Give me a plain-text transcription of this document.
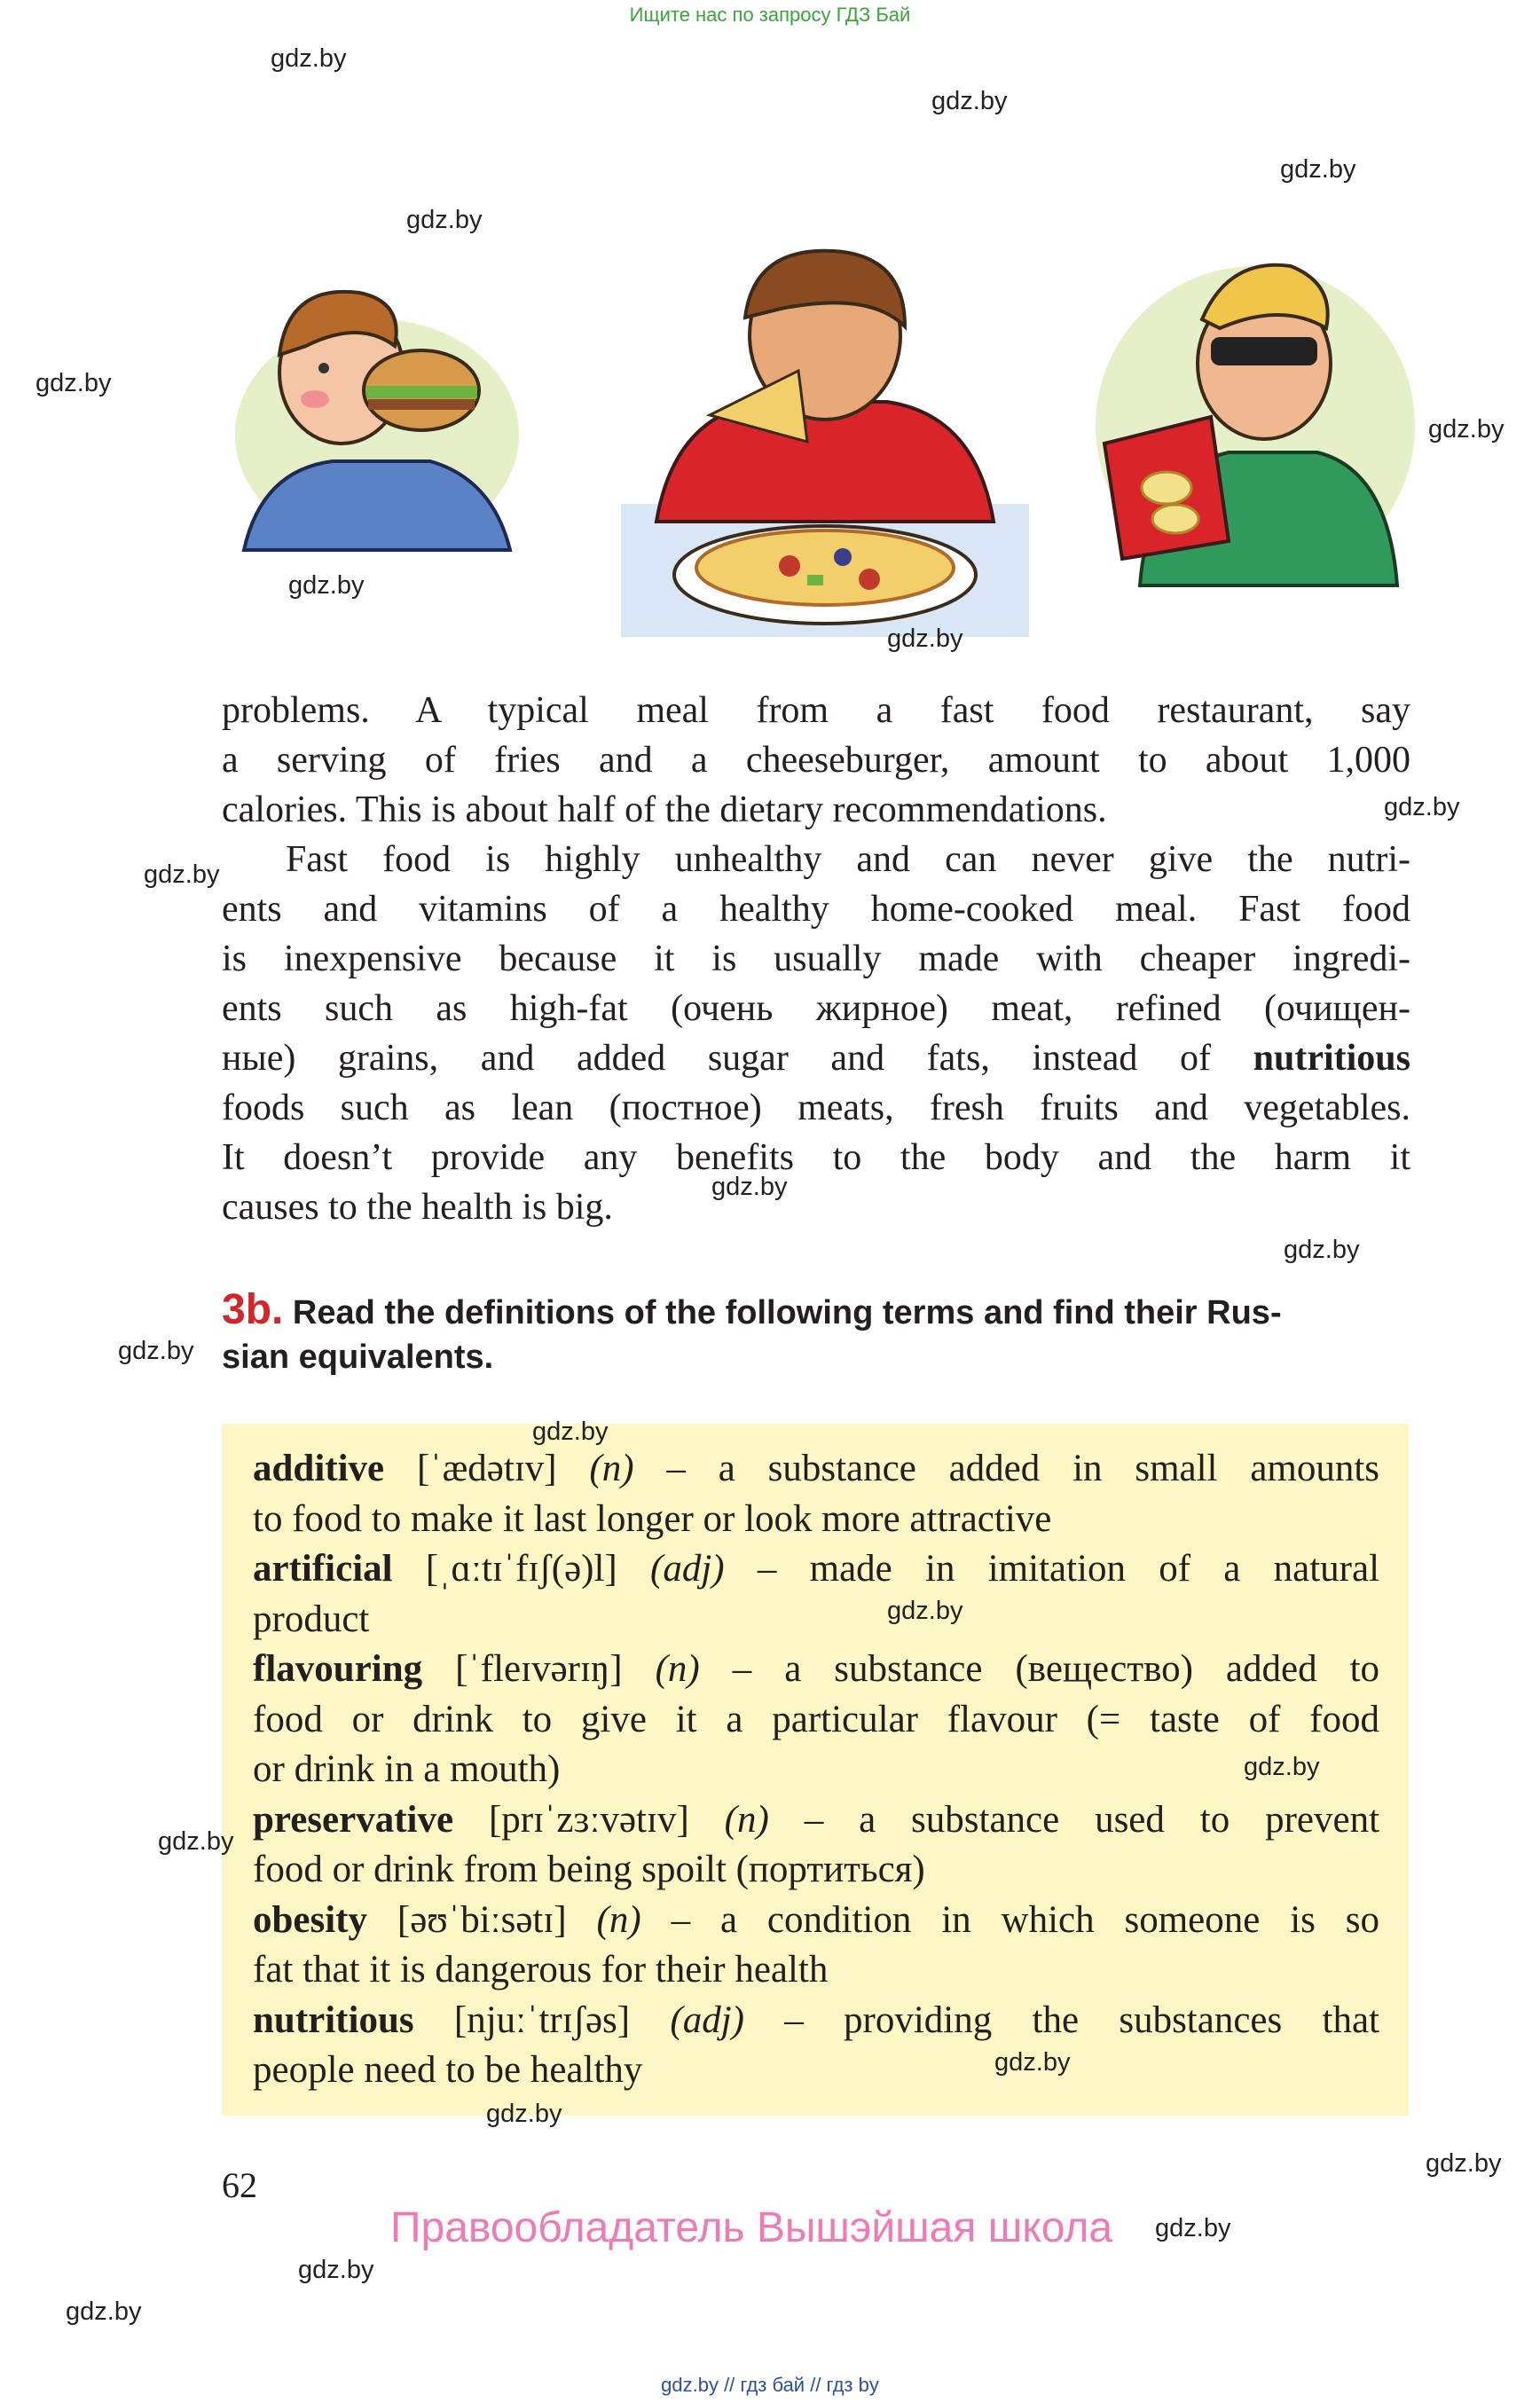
Ищите нас по запросу ГДЗ Бай
problems. A typical meal from a fast food restaurant, say
a serving of fries and a cheeseburger, amount to about 1,000
calories. This is about half of the dietary recommendations.
Fast food is highly unhealthy and can never give the nutri-
ents and vitamins of a healthy home-cooked meal. Fast food
is inexpensive because it is usually made with cheaper ingredi-
ents such as high-fat (очень жирное) meat, refined (очищен-
ные) grains, and added sugar and fats, instead of nutritious
foods such as lean (постное) meats, fresh fruits and vegetables.
It doesn’t provide any benefits to the body and the harm it
causes to the health is big.
3b. Read the definitions of the following terms and find their Rus-
sian equivalents.
additive [ˈædətɪv] (n) – a substance added in small amounts
to food to make it last longer or look more attractive
artificial [ˌɑːtɪˈfɪʃ(ə)l] (adj) – made in imitation of a natural
product
flavouring [ˈfleɪvərɪŋ] (n) – a substance (вещество) added to
food or drink to give it a particular flavour (= taste of food
or drink in a mouth)
preservative [prɪˈzɜːvətɪv] (n) – a substance used to prevent
food or drink from being spoilt (портиться)
obesity [əʊˈbiːsətɪ] (n) – a condition in which someone is so
fat that it is dangerous for their health
nutritious [njuːˈtrɪʃəs] (adj) – providing the substances that
people need to be healthy
62
Правообладатель Вышэйшая школа
gdz.by // гдз бай // гдз by
gdz.by
gdz.by
gdz.by
gdz.by
gdz.by
gdz.by
gdz.by
gdz.by
gdz.by
gdz.by
gdz.by
gdz.by
gdz.by
gdz.by
gdz.by
gdz.by
gdz.by
gdz.by
gdz.by
gdz.by
gdz.by
gdz.by
gdz.by
